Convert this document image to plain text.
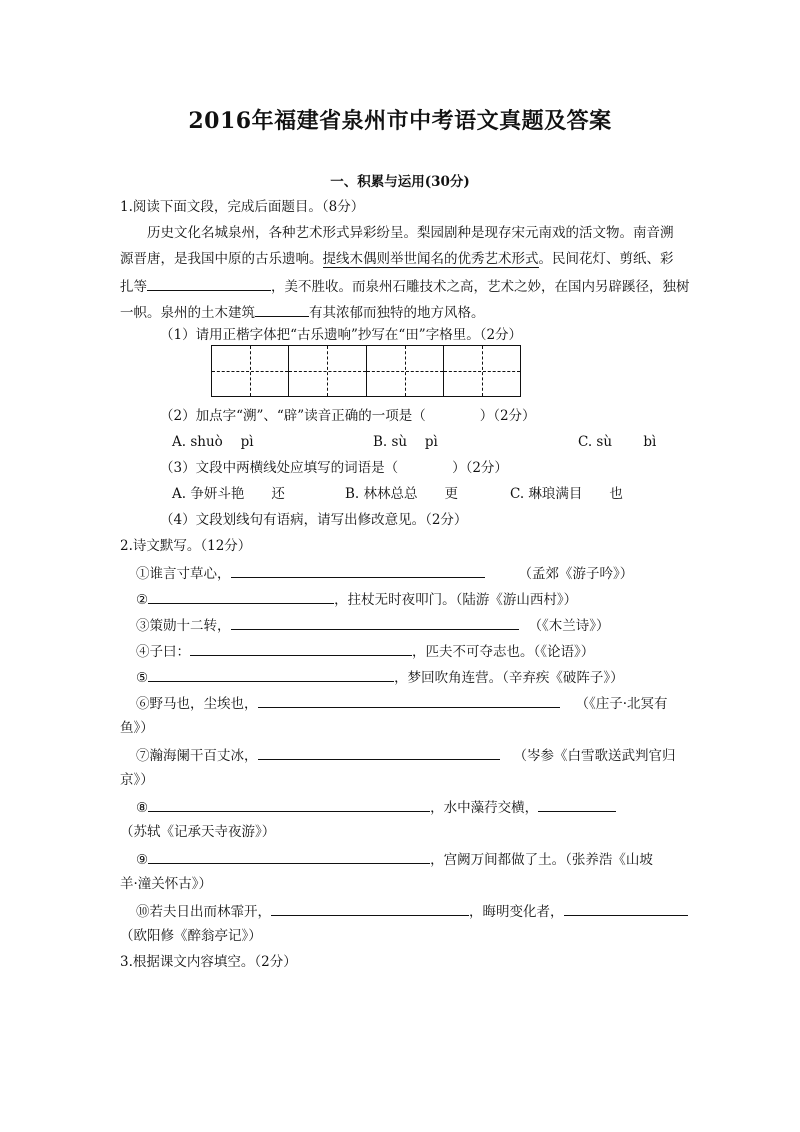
2016年福建省泉州市中考语文真题及答案
一、积累与运用(30分)
1.阅读下面文段，完成后面题目。（8分）
历史文化名城泉州，各种艺术形式异彩纷呈。梨园剧种是现存宋元南戏的活文物。南音溯
源晋唐，是我国中原的古乐遗响。提线木偶则举世闻名的优秀艺术形式。民间花灯、剪纸、彩
扎等	，美不胜收。而泉州石雕技术之高，艺术之妙，在国内另辟蹊径，独树
一帜。泉州的土木建筑	有其浓郁而独特的地方风格。
（1）请用正楷字体把“古乐遗响”抄写在“田”字格里。（2分）
（2）加点字“溯”、“辟”读音正确的一项是（　　　　）（2分）
A. shuò　 pì	B. sù　 pì	C. sù　　 bì
（3）文段中两横线处应填写的词语是（　　　　）（2分）
A. 争妍斗艳　　还	B. 林林总总　　更	C. 琳琅满目　　也
（4）文段划线句有语病，请写出修改意见。（2分）
2.诗文默写。（12分）
①谁言寸草心，	（孟郊《游子吟》）
②	，拄杖无时夜叩门。（陆游《游山西村》）
③策勋十二转，	（《木兰诗》）
④子曰：	，匹夫不可夺志也。（《论语》）
⑤	，梦回吹角连营。（辛弃疾《破阵子》）
⑥野马也，尘埃也，	（《庄子·北冥有
鱼》）
⑦瀚海阑干百丈冰，	（岑参《白雪歌送武判官归
京》）
⑧	，水中藻荇交横，
（苏轼《记承天寺夜游》）
⑨	，宫阙万间都做了土。（张养浩《山坡
羊·潼关怀古》）
⑩若夫日出而林霏开，	，晦明变化者，
（欧阳修《醉翁亭记》）
3.根据课文内容填空。（2分）
